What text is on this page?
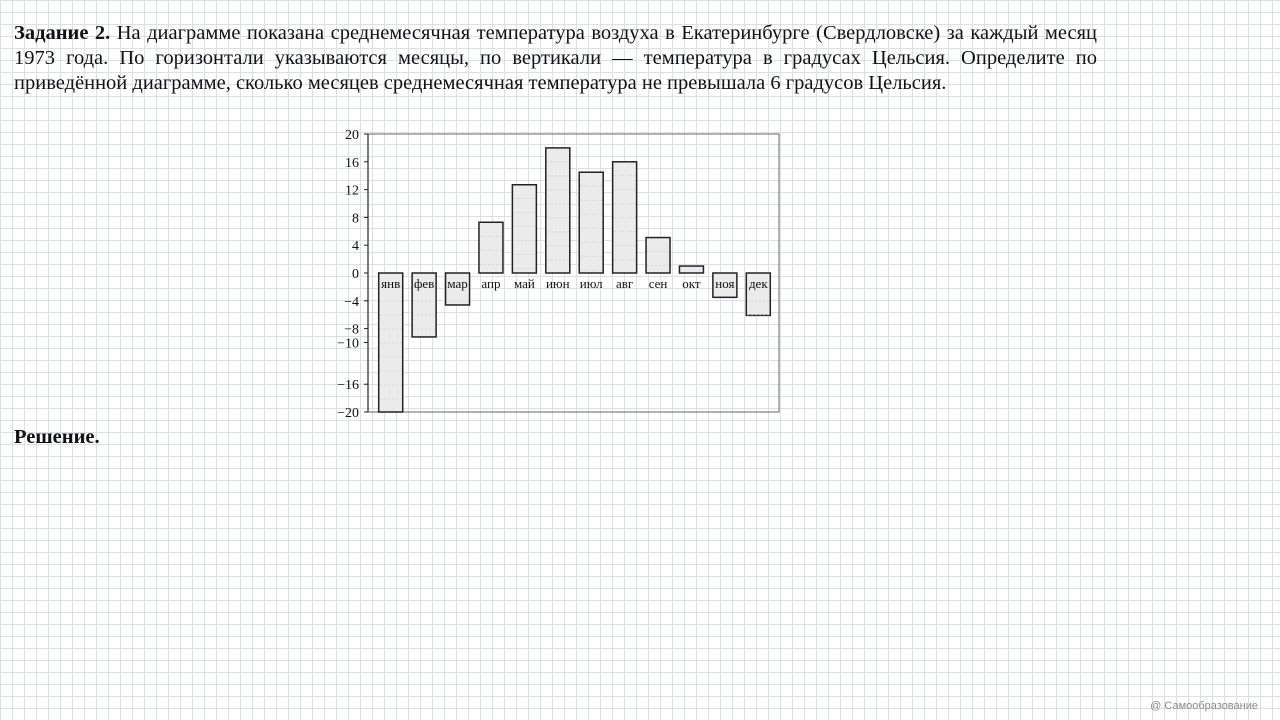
Задание 2. На диаграмме показана среднемесячная температура воздуха в Екатеринбурге (Свердловске) за каждый месяц 1973 года. По горизонтали указываются месяцы, по вертикали — температура в градусах Цельсия. Определите по приведённой диаграмме, сколько месяцев среднемесячная температура не превышала 6 градусов Цельсия.

20
16
12
8
4
0
−4
−8
−10
−16
−20
янв фев мар апр май июн июл авг сен окт ноя дек

Решение.

@ Самообразование
